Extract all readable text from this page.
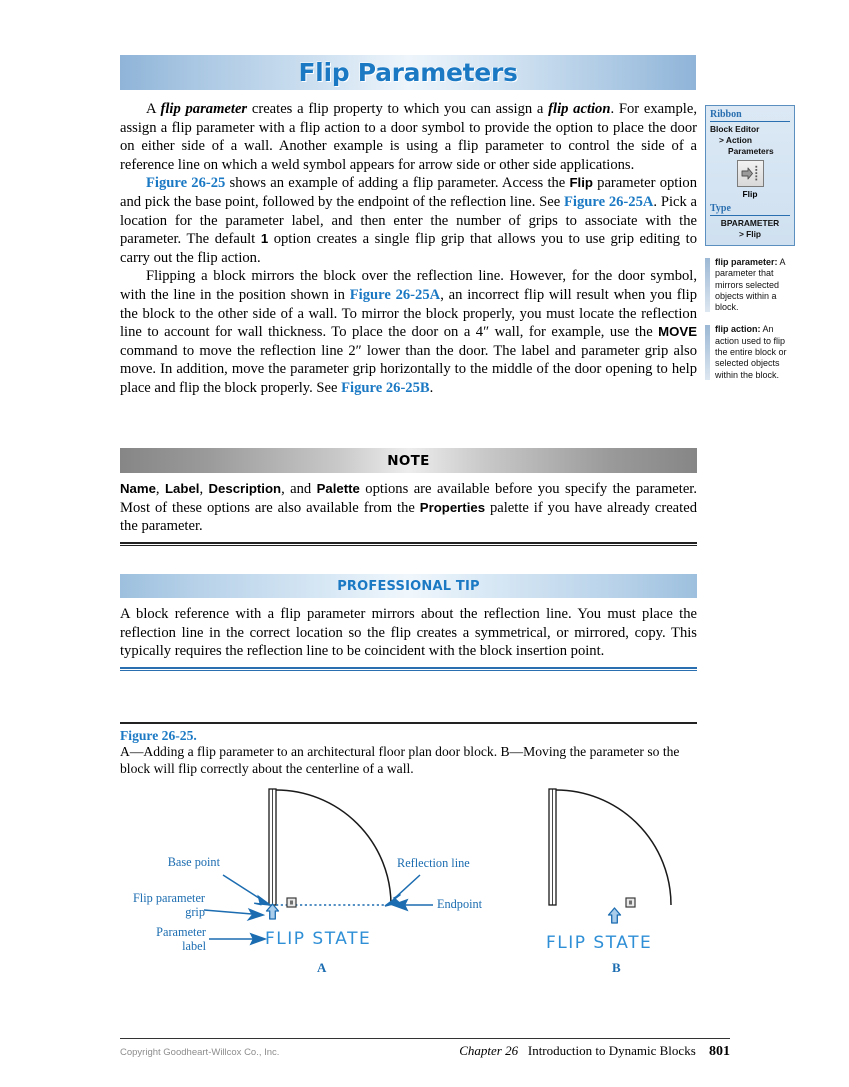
Flip Parameters

A flip parameter creates a flip property to which you can assign a flip action. For example, assign a flip parameter with a flip action to a door symbol to provide the option to place the door on either side of a wall. Another example is using a flip parameter to control the side of a reference line on which a weld symbol appears for arrow side or other side applications.

Figure 26-25 shows an example of adding a flip parameter. Access the Flip parameter option and pick the base point, followed by the endpoint of the reflection line. See Figure 26-25A. Pick a location for the parameter label, and then enter the number of grips to associate with the parameter. The default 1 option creates a single flip grip that allows you to use grip editing to carry out the flip action.

Flipping a block mirrors the block over the reflection line. However, for the door symbol, with the line in the position shown in Figure 26-25A, an incorrect flip will result when you flip the block to the other side of a wall. To mirror the block properly, you must locate the reflection line to account for wall thickness. To place the door on a 4″ wall, for example, use the MOVE command to move the reflection line 2″ lower than the door. The label and parameter grip also move. In addition, move the parameter grip horizontally to the middle of the door opening to help place and flip the block properly. See Figure 26-25B.

Ribbon
Block Editor
> Action
Parameters
Flip
Type
BPARAMETER
> Flip
flip parameter: A parameter that mirrors selected objects within a block.
flip action: An action used to flip the entire block or selected objects within the block.
NOTE
Name, Label, Description, and Palette options are available before you specify the parameter. Most of these options are also available from the Properties palette if you have already created the parameter.
PROFESSIONAL TIP
A block reference with a flip parameter mirrors about the reflection line. You must place the reflection line in the correct location so the flip creates a symmetrical, or mirrored, copy. This typically requires the reflection line to be coincident with the block insertion point.
Figure 26-25.
A—Adding a flip parameter to an architectural floor plan door block. B—Moving the parameter so the block will flip correctly about the centerline of a wall.
Base point
Flip parameter
grip
Parameter
label
Reflection line
Endpoint
FLIP STATE	FLIP STATE
A	B
Copyright Goodheart-Willcox Co., Inc.	Chapter 26 Introduction to Dynamic Blocks 801
